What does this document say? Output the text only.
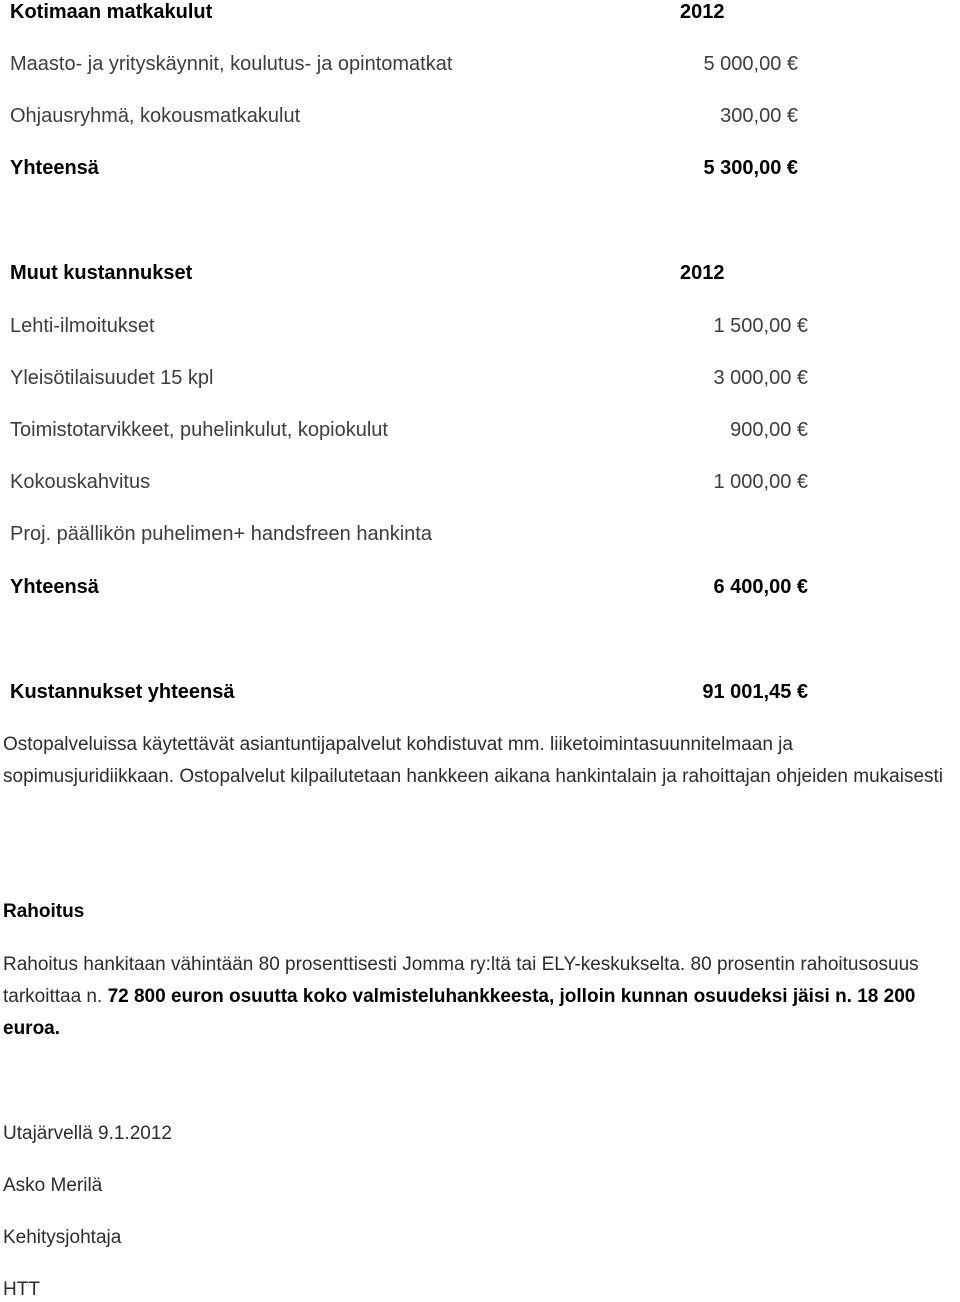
Kotimaan matkakulut	2012
Maasto- ja yrityskäynnit, koulutus- ja opintomatkat	5 000,00 €
Ohjausryhmä, kokousmatkakulut	300,00 €
Yhteensä	5 300,00 €
Muut kustannukset	2012
Lehti-ilmoitukset	1 500,00 €
Yleisötilaisuudet 15 kpl	3 000,00 €
Toimistotarvikkeet, puhelinkulut, kopiokulut	900,00 €
Kokouskahvitus	1 000,00 €
Proj. päällikön puhelimen+ handsfreen hankinta
Yhteensä	6 400,00 €
Kustannukset yhteensä	91 001,45 €
Ostopalveluissa käytettävät asiantuntijapalvelut kohdistuvat mm. liiketoimintasuunnitelmaan ja sopimusjuridiikkaan. Ostopalvelut kilpailutetaan hankkeen aikana hankintalain ja rahoittajan ohjeiden mukaisesti
Rahoitus
Rahoitus hankitaan vähintään 80 prosenttisesti Jomma ry:ltä tai ELY-keskukselta. 80 prosentin rahoitusosuus tarkoittaa n. 72 800 euron osuutta koko valmisteluhankkeesta, jolloin kunnan osuudeksi jäisi n. 18 200 euroa.
Utajärvellä 9.1.2012
Asko Merilä
Kehitysjohtaja
HTT
